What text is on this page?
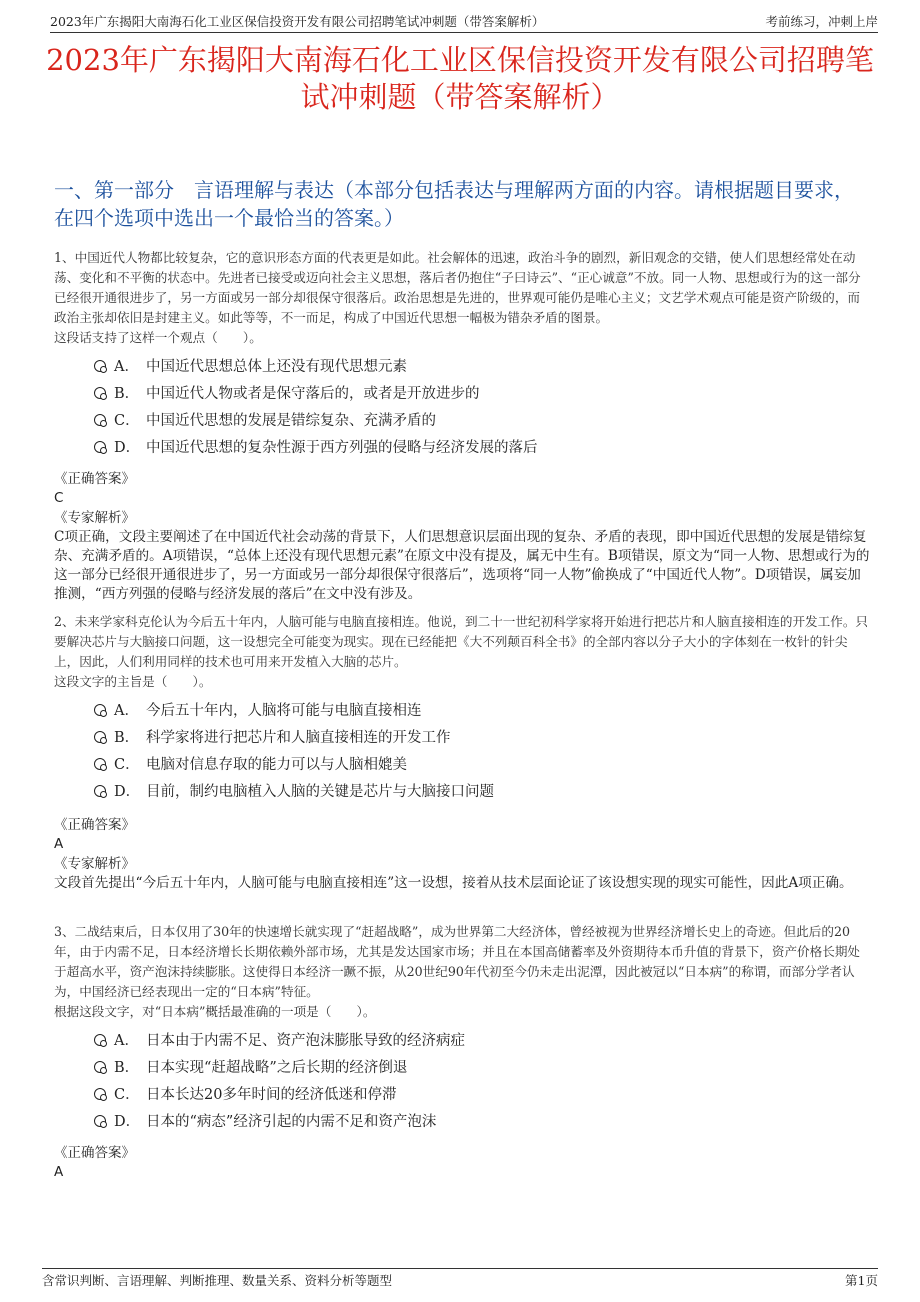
2023年广东揭阳大南海石化工业区保信投资开发有限公司招聘笔试冲刺题（带答案解析）	考前练习，冲刺上岸
2023年广东揭阳大南海石化工业区保信投资开发有限公司招聘笔试冲刺题（带答案解析）
一、第一部分　言语理解与表达（本部分包括表达与理解两方面的内容。请根据题目要求，在四个选项中选出一个最恰当的答案。）

1、中国近代人物都比较复杂，它的意识形态方面的代表更是如此。社会解体的迅速，政治斗争的剧烈，新旧观念的交错，使人们思想经常处在动荡、变化和不平衡的状态中。先进者已接受或迈向社会主义思想，落后者仍抱住“子曰诗云”、“正心诚意”不放。同一人物、思想或行为的这一部分已经很开通很进步了，另一方面或另一部分却很保守很落后。政治思想是先进的，世界观可能仍是唯心主义；文艺学术观点可能是资产阶级的，而政治主张却依旧是封建主义。如此等等，不一而足，构成了中国近代思想一幅极为错杂矛盾的图景。

这段话支持了这样一个观点（　　）。

A． 中国近代思想总体上还没有现代思想元素
B． 中国近代人物或者是保守落后的，或者是开放进步的
C． 中国近代思想的发展是错综复杂、充满矛盾的
D． 中国近代思想的复杂性源于西方列强的侵略与经济发展的落后

《正确答案》

C

《专家解析》

C项正确，文段主要阐述了在中国近代社会动荡的背景下，人们思想意识层面出现的复杂、矛盾的表现，即中国近代思想的发展是错综复杂、充满矛盾的。A项错误，“总体上还没有现代思想元素”在原文中没有提及，属无中生有。B项错误，原文为“同一人物、思想或行为的这一部分已经很开通很进步了，另一方面或另一部分却很保守很落后”，选项将“同一人物”偷换成了“中国近代人物”。D项错误，属妄加推测，“西方列强的侵略与经济发展的落后”在文中没有涉及。

2、未来学家科克伦认为今后五十年内，人脑可能与电脑直接相连。他说，到二十一世纪初科学家将开始进行把芯片和人脑直接相连的开发工作。只要解决芯片与大脑接口问题，这一设想完全可能变为现实。现在已经能把《大不列颠百科全书》的全部内容以分子大小的字体刻在一枚针的针尖上，因此，人们利用同样的技术也可用来开发植入大脑的芯片。

这段文字的主旨是（　　）。

A． 今后五十年内，人脑将可能与电脑直接相连
B． 科学家将进行把芯片和人脑直接相连的开发工作
C． 电脑对信息存取的能力可以与人脑相媲美
D． 目前，制约电脑植入人脑的关键是芯片与大脑接口问题

《正确答案》

A

《专家解析》

文段首先提出“今后五十年内，人脑可能与电脑直接相连”这一设想，接着从技术层面论证了该设想实现的现实可能性，因此A项正确。

3、二战结束后，日本仅用了30年的快速增长就实现了“赶超战略”，成为世界第二大经济体，曾经被视为世界经济增长史上的奇迹。但此后的20年，由于内需不足，日本经济增长长期依赖外部市场，尤其是发达国家市场；并且在本国高储蓄率及外资期待本币升值的背景下，资产价格长期处于超高水平，资产泡沫持续膨胀。这使得日本经济一蹶不振，从20世纪90年代初至今仍未走出泥潭，因此被冠以“日本病”的称谓，而部分学者认为，中国经济已经表现出一定的“日本病”特征。

根据这段文字，对“日本病”概括最准确的一项是（　　）。

A． 日本由于内需不足、资产泡沫膨胀导致的经济病症
B． 日本实现“赶超战略”之后长期的经济倒退
C． 日本长达20多年时间的经济低迷和停滞
D． 日本的“病态”经济引起的内需不足和资产泡沫

《正确答案》

A

含常识判断、言语理解、判断推理、数量关系、资料分析等题型	第1页
